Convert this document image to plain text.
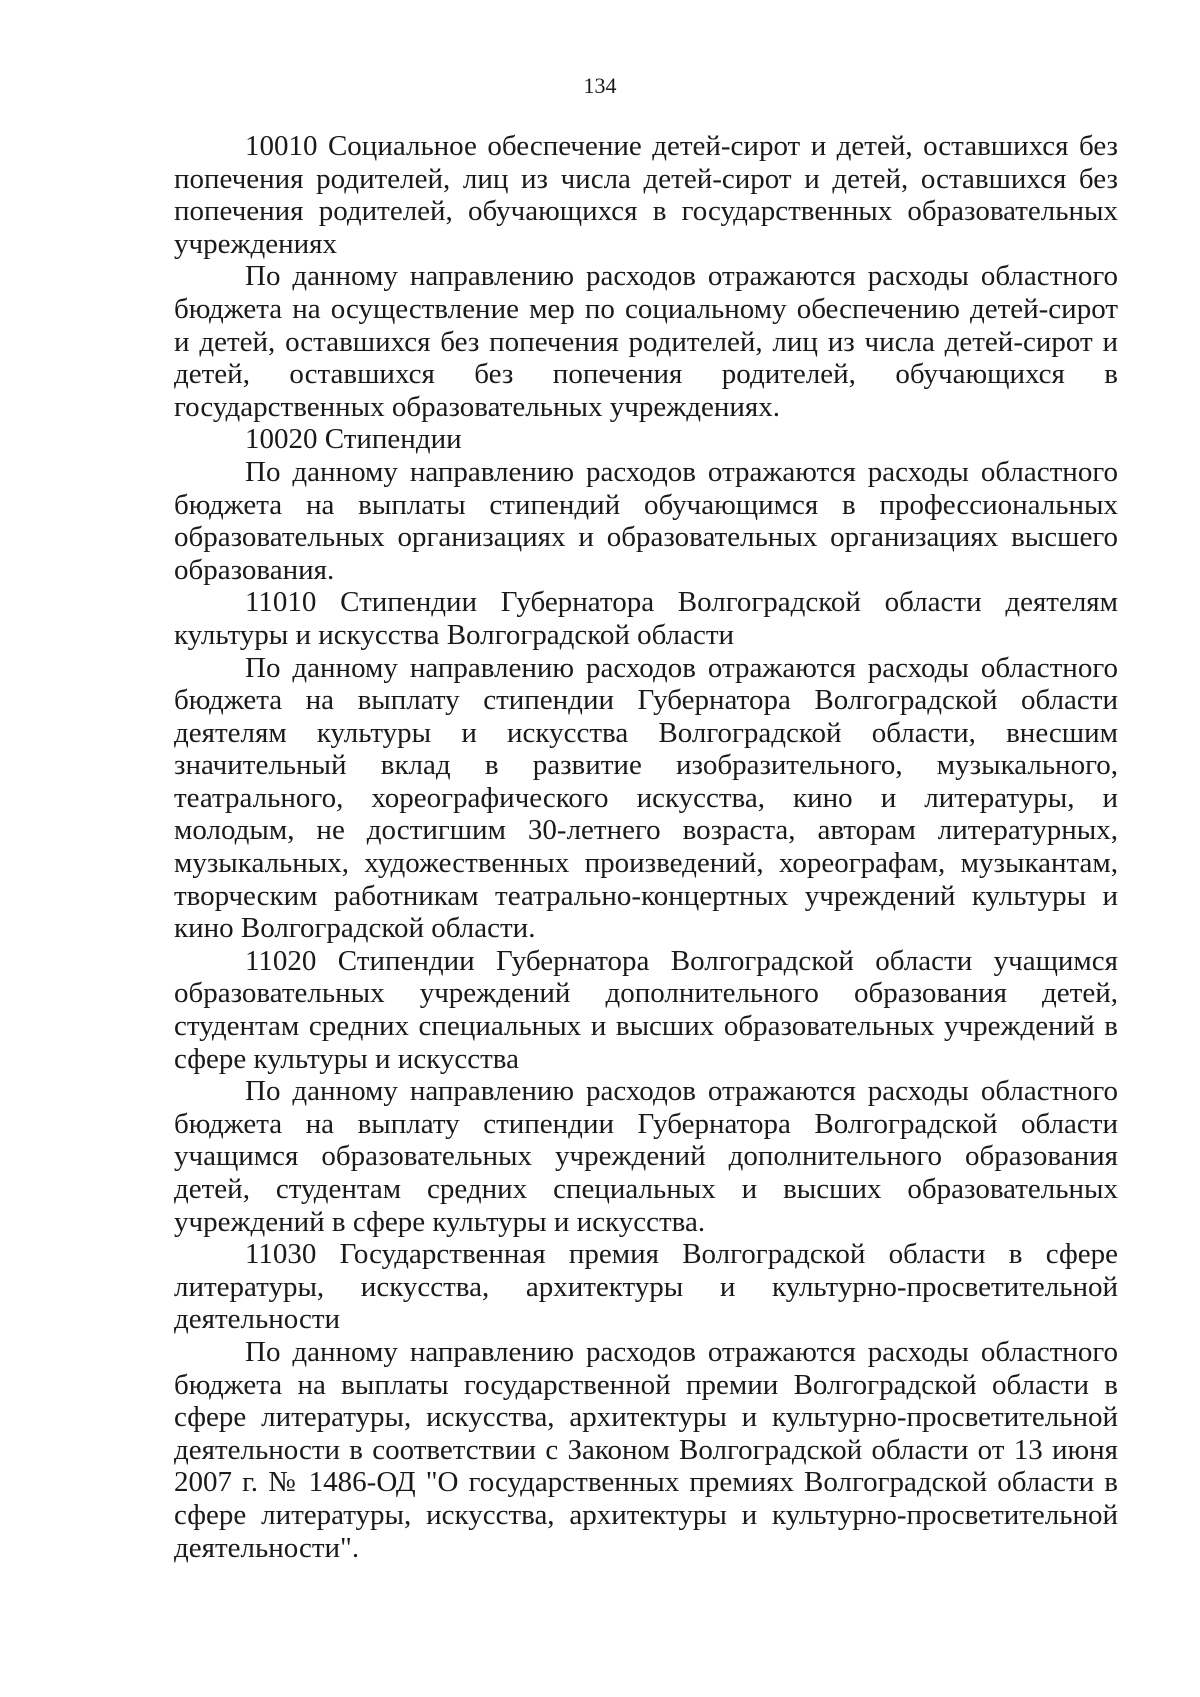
134

10010 Социальное обеспечение детей-сирот и детей, оставшихся без попечения родителей, лиц из числа детей-сирот и детей, оставшихся без попечения родителей, обучающихся в государственных образовательных учреждениях

По данному направлению расходов отражаются расходы областного бюджета на осуществление мер по социальному обеспечению детей-сирот и детей, оставшихся без попечения родителей, лиц из числа детей-сирот и детей, оставшихся без попечения родителей, обучающихся в государственных образовательных учреждениях.

10020 Стипендии

По данному направлению расходов отражаются расходы областного бюджета на выплаты стипендий обучающимся в профессиональных образовательных организациях и образовательных организациях высшего образования.

11010 Стипендии Губернатора Волгоградской области деятелям культуры и искусства Волгоградской области

По данному направлению расходов отражаются расходы областного бюджета на выплату стипендии Губернатора Волгоградской области деятелям культуры и искусства Волгоградской области, внесшим значительный вклад в развитие изобразительного, музыкального, театрального, хореографического искусства, кино и литературы, и молодым, не достигшим 30-летнего возраста, авторам литературных, музыкальных, художественных произведений, хореографам, музыкантам, творческим работникам театрально-концертных учреждений культуры и кино Волгоградской области.

11020 Стипендии Губернатора Волгоградской области учащимся образовательных учреждений дополнительного образования детей, студентам средних специальных и высших образовательных учреждений в сфере культуры и искусства

По данному направлению расходов отражаются расходы областного бюджета на выплату стипендии Губернатора Волгоградской области учащимся образовательных учреждений дополнительного образования детей, студентам средних специальных и высших образовательных учреждений в сфере культуры и искусства.

11030 Государственная премия Волгоградской области в сфере литературы, искусства, архитектуры и культурно-просветительной деятельности

По данному направлению расходов отражаются расходы областного бюджета на выплаты государственной премии Волгоградской области в сфере литературы, искусства, архитектуры и культурно-просветительной деятельности в соответствии с Законом Волгоградской области от 13 июня 2007 г. № 1486-ОД "О государственных премиях Волгоградской области в сфере литературы, искусства, архитектуры и культурно-просветительной деятельности".
